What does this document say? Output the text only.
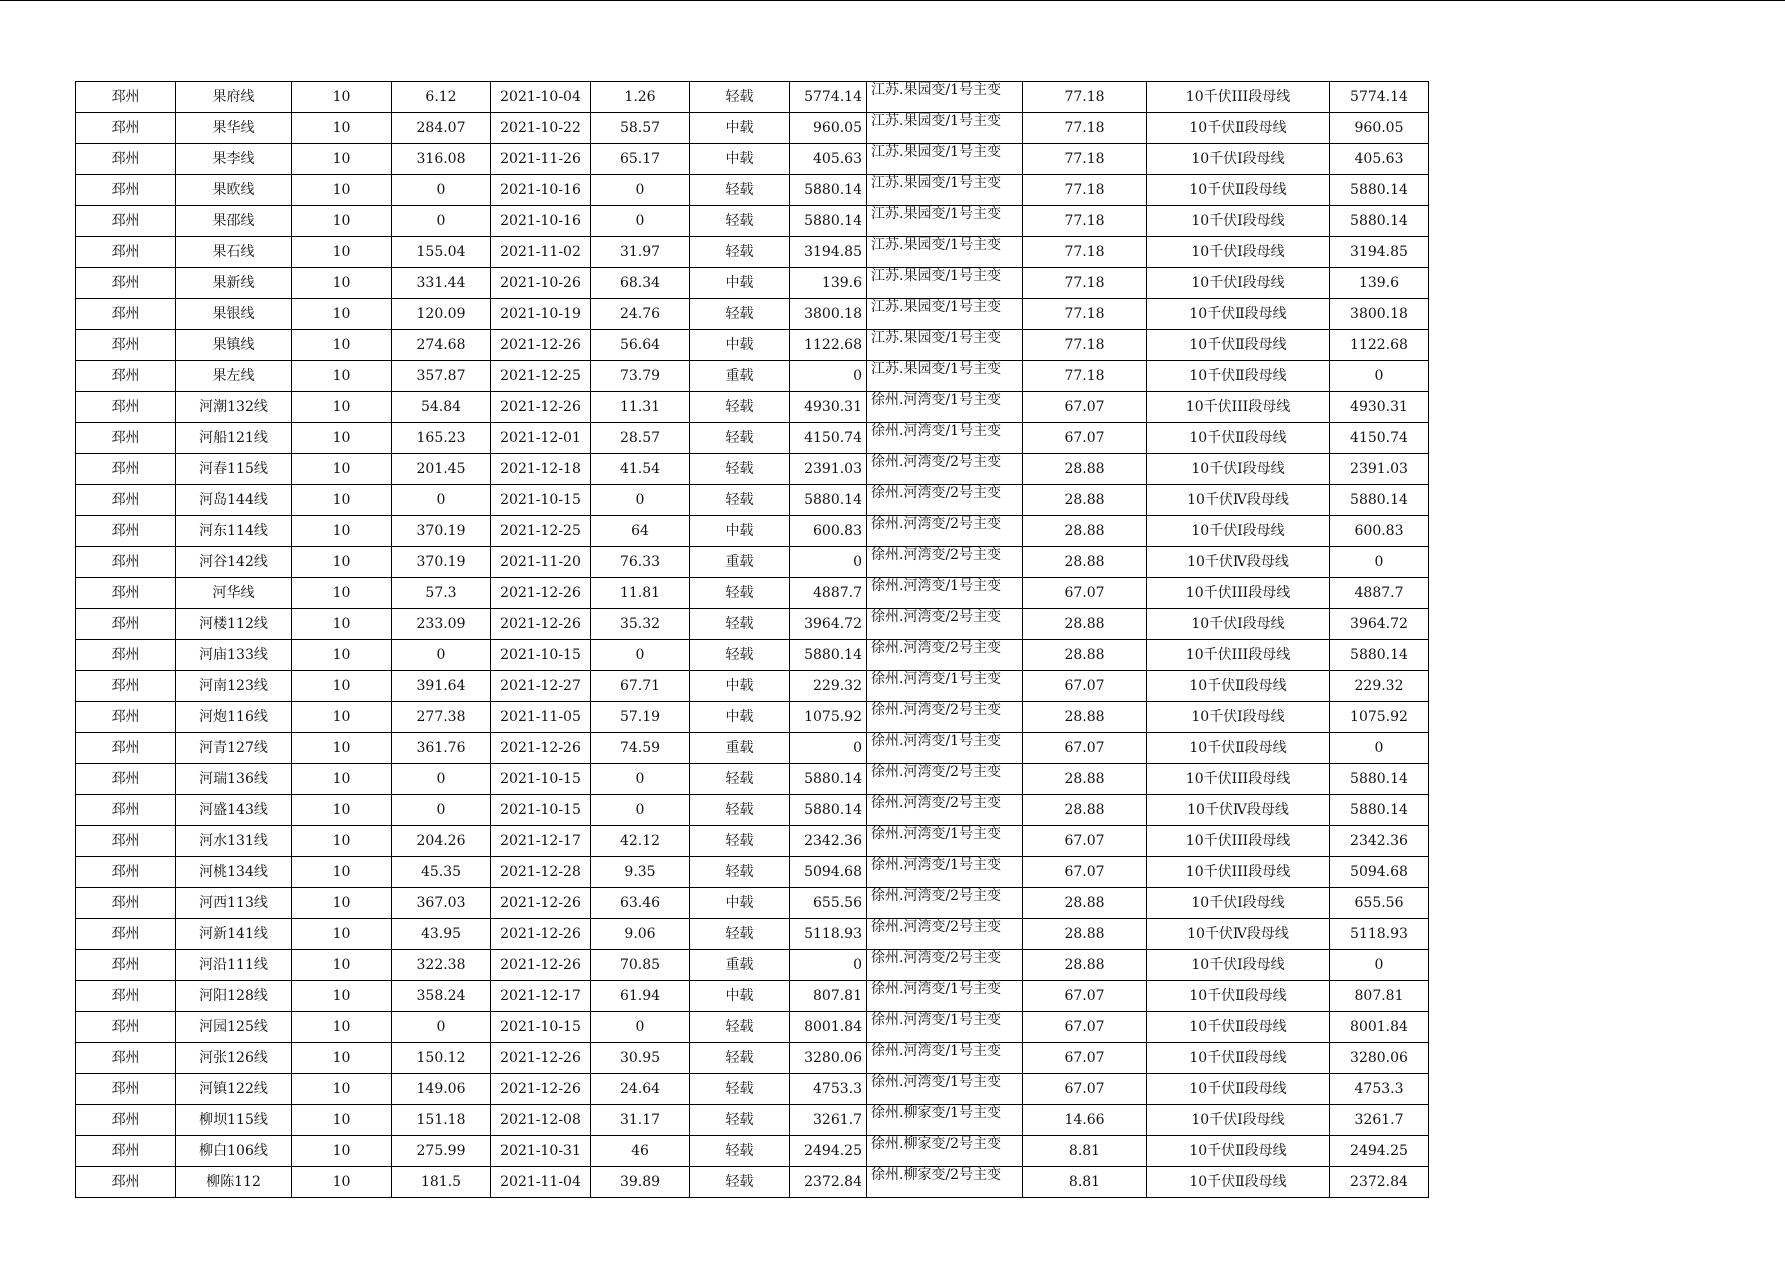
邳州	果府线	10	6.12	2021-10-04	1.26	轻载	5774.14	江苏.果园变/1号主变	77.18	10千伏III段母线	5774.14
邳州	果华线	10	284.07	2021-10-22	58.57	中载	960.05	江苏.果园变/1号主变	77.18	10千伏Ⅱ段母线	960.05
邳州	果李线	10	316.08	2021-11-26	65.17	中载	405.63	江苏.果园变/1号主变	77.18	10千伏Ⅰ段母线	405.63
邳州	果欧线	10	0	2021-10-16	0	轻载	5880.14	江苏.果园变/1号主变	77.18	10千伏Ⅱ段母线	5880.14
邳州	果邵线	10	0	2021-10-16	0	轻载	5880.14	江苏.果园变/1号主变	77.18	10千伏Ⅰ段母线	5880.14
邳州	果石线	10	155.04	2021-11-02	31.97	轻载	3194.85	江苏.果园变/1号主变	77.18	10千伏Ⅰ段母线	3194.85
邳州	果新线	10	331.44	2021-10-26	68.34	中载	139.6	江苏.果园变/1号主变	77.18	10千伏Ⅰ段母线	139.6
邳州	果银线	10	120.09	2021-10-19	24.76	轻载	3800.18	江苏.果园变/1号主变	77.18	10千伏Ⅱ段母线	3800.18
邳州	果镇线	10	274.68	2021-12-26	56.64	中载	1122.68	江苏.果园变/1号主变	77.18	10千伏Ⅱ段母线	1122.68
邳州	果左线	10	357.87	2021-12-25	73.79	重载	0	江苏.果园变/1号主变	77.18	10千伏Ⅱ段母线	0
邳州	河潮132线	10	54.84	2021-12-26	11.31	轻载	4930.31	徐州.河湾变/1号主变	67.07	10千伏III段母线	4930.31
邳州	河船121线	10	165.23	2021-12-01	28.57	轻载	4150.74	徐州.河湾变/1号主变	67.07	10千伏Ⅱ段母线	4150.74
邳州	河春115线	10	201.45	2021-12-18	41.54	轻载	2391.03	徐州.河湾变/2号主变	28.88	10千伏Ⅰ段母线	2391.03
邳州	河岛144线	10	0	2021-10-15	0	轻载	5880.14	徐州.河湾变/2号主变	28.88	10千伏Ⅳ段母线	5880.14
邳州	河东114线	10	370.19	2021-12-25	64	中载	600.83	徐州.河湾变/2号主变	28.88	10千伏Ⅰ段母线	600.83
邳州	河谷142线	10	370.19	2021-11-20	76.33	重载	0	徐州.河湾变/2号主变	28.88	10千伏Ⅳ段母线	0
邳州	河华线	10	57.3	2021-12-26	11.81	轻载	4887.7	徐州.河湾变/1号主变	67.07	10千伏III段母线	4887.7
邳州	河楼112线	10	233.09	2021-12-26	35.32	轻载	3964.72	徐州.河湾变/2号主变	28.88	10千伏Ⅰ段母线	3964.72
邳州	河庙133线	10	0	2021-10-15	0	轻载	5880.14	徐州.河湾变/2号主变	28.88	10千伏III段母线	5880.14
邳州	河南123线	10	391.64	2021-12-27	67.71	中载	229.32	徐州.河湾变/1号主变	67.07	10千伏Ⅱ段母线	229.32
邳州	河炮116线	10	277.38	2021-11-05	57.19	中载	1075.92	徐州.河湾变/2号主变	28.88	10千伏Ⅰ段母线	1075.92
邳州	河青127线	10	361.76	2021-12-26	74.59	重载	0	徐州.河湾变/1号主变	67.07	10千伏Ⅱ段母线	0
邳州	河瑞136线	10	0	2021-10-15	0	轻载	5880.14	徐州.河湾变/2号主变	28.88	10千伏III段母线	5880.14
邳州	河盛143线	10	0	2021-10-15	0	轻载	5880.14	徐州.河湾变/2号主变	28.88	10千伏Ⅳ段母线	5880.14
邳州	河水131线	10	204.26	2021-12-17	42.12	轻载	2342.36	徐州.河湾变/1号主变	67.07	10千伏III段母线	2342.36
邳州	河桃134线	10	45.35	2021-12-28	9.35	轻载	5094.68	徐州.河湾变/1号主变	67.07	10千伏III段母线	5094.68
邳州	河西113线	10	367.03	2021-12-26	63.46	中载	655.56	徐州.河湾变/2号主变	28.88	10千伏Ⅰ段母线	655.56
邳州	河新141线	10	43.95	2021-12-26	9.06	轻载	5118.93	徐州.河湾变/2号主变	28.88	10千伏Ⅳ段母线	5118.93
邳州	河沿111线	10	322.38	2021-12-26	70.85	重载	0	徐州.河湾变/2号主变	28.88	10千伏Ⅰ段母线	0
邳州	河阳128线	10	358.24	2021-12-17	61.94	中载	807.81	徐州.河湾变/1号主变	67.07	10千伏Ⅱ段母线	807.81
邳州	河园125线	10	0	2021-10-15	0	轻载	8001.84	徐州.河湾变/1号主变	67.07	10千伏Ⅱ段母线	8001.84
邳州	河张126线	10	150.12	2021-12-26	30.95	轻载	3280.06	徐州.河湾变/1号主变	67.07	10千伏Ⅱ段母线	3280.06
邳州	河镇122线	10	149.06	2021-12-26	24.64	轻载	4753.3	徐州.河湾变/1号主变	67.07	10千伏Ⅱ段母线	4753.3
邳州	柳坝115线	10	151.18	2021-12-08	31.17	轻载	3261.7	徐州.柳家变/1号主变	14.66	10千伏Ⅰ段母线	3261.7
邳州	柳白106线	10	275.99	2021-10-31	46	轻载	2494.25	徐州.柳家变/2号主变	8.81	10千伏Ⅱ段母线	2494.25
邳州	柳陈112	10	181.5	2021-11-04	39.89	轻载	2372.84	徐州.柳家变/2号主变	8.81	10千伏Ⅱ段母线	2372.84
